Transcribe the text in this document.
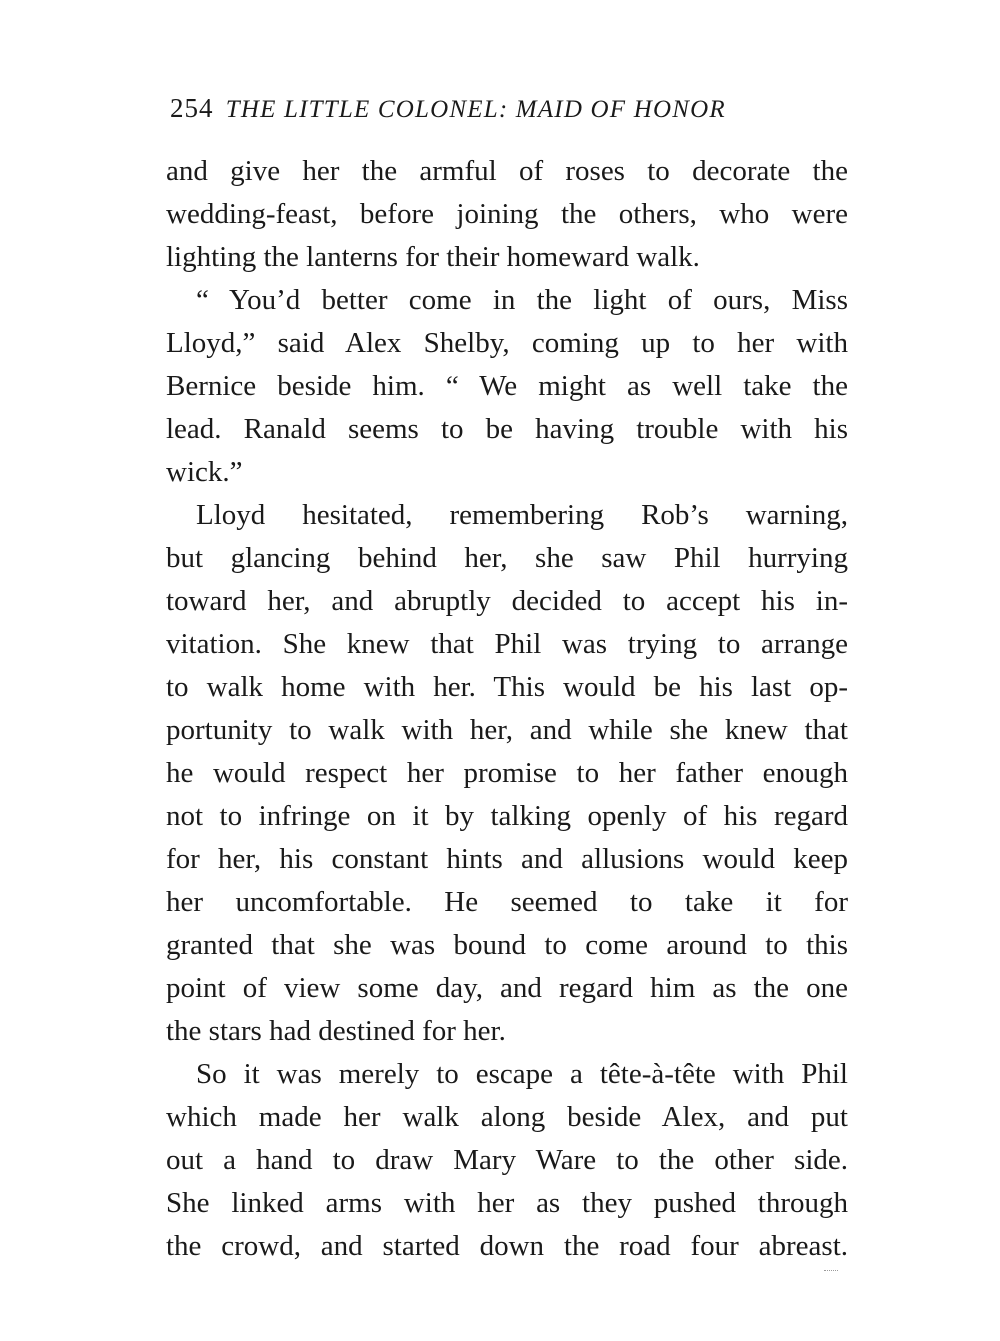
254 THE LITTLE COLONEL: MAID OF HONOR
and give her the armful of roses to decorate the
wedding-feast, before joining the others, who were
lighting the lanterns for their homeward walk.
“ You’d better come in the light of ours, Miss
Lloyd,” said Alex Shelby, coming up to her with
Bernice beside him. “ We might as well take the
lead. Ranald seems to be having trouble with his
wick.”
Lloyd hesitated, remembering Rob’s warning,
but glancing behind her, she saw Phil hurrying
toward her, and abruptly decided to accept his in-
vitation. She knew that Phil was trying to arrange
to walk home with her. This would be his last op-
portunity to walk with her, and while she knew that
he would respect her promise to her father enough
not to infringe on it by talking openly of his regard
for her, his constant hints and allusions would keep
her uncomfortable. He seemed to take it for
granted that she was bound to come around to this
point of view some day, and regard him as the one
the stars had destined for her.
So it was merely to escape a tête-à-tête with Phil
which made her walk along beside Alex, and put
out a hand to draw Mary Ware to the other side.
She linked arms with her as they pushed through
the crowd, and started down the road four abreast.
